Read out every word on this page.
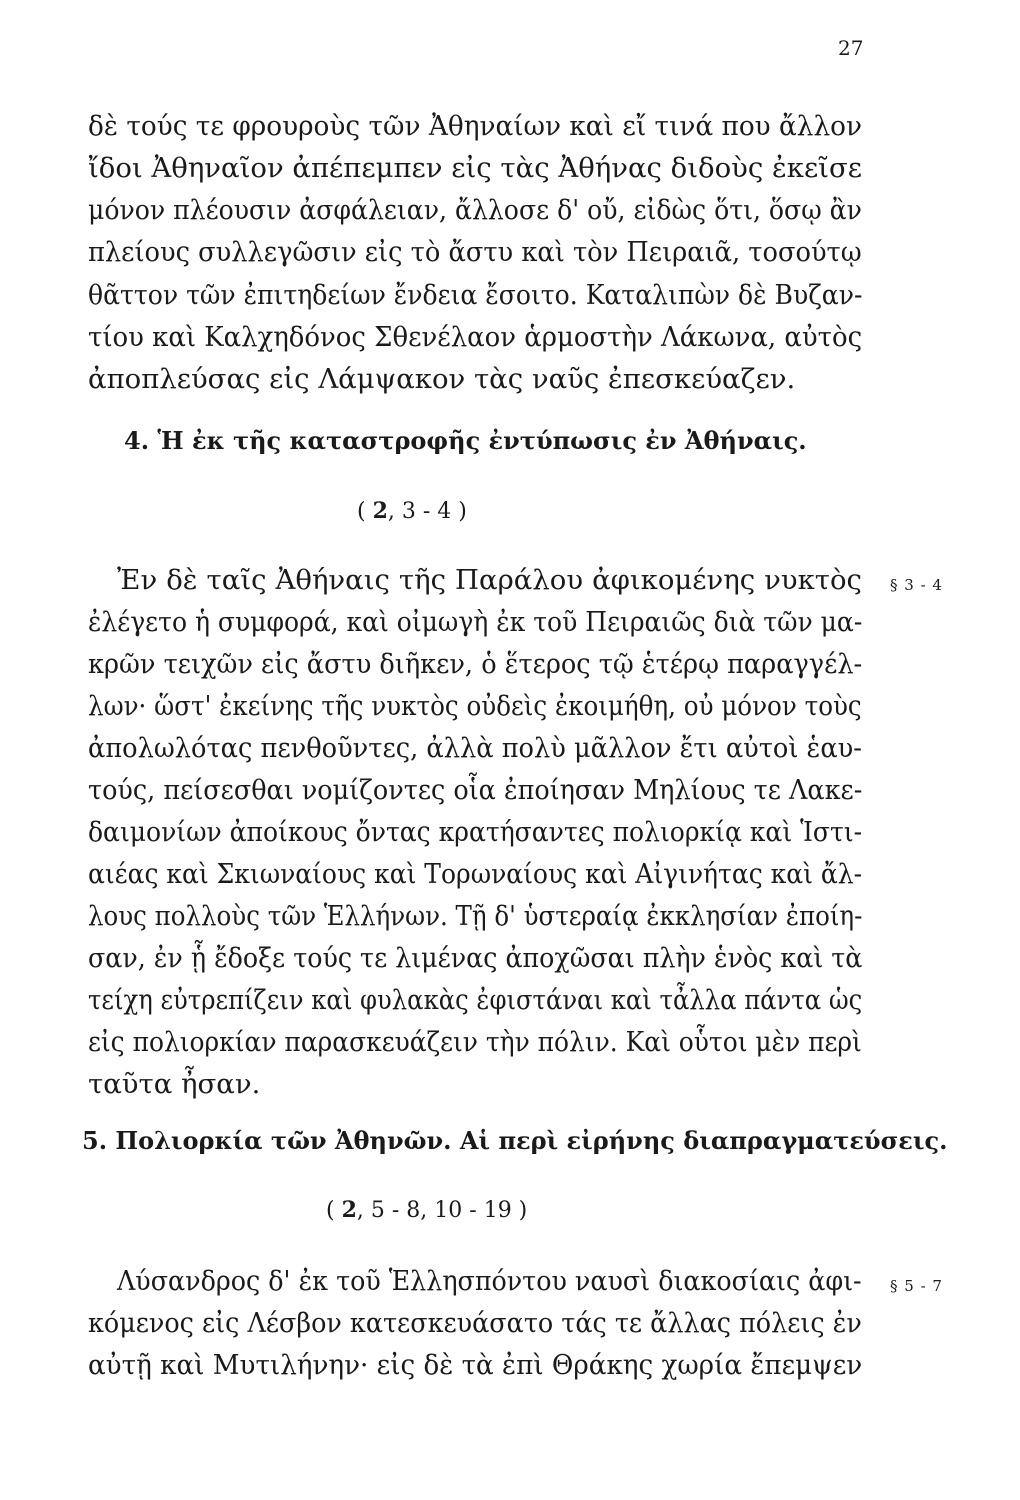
27
δὲ τούς τε φρουροὺς τῶν Ἀθηναίων καὶ εἴ τινά που ἄλλον
ἴδοι Ἀθηναῖον ἀπέπεμπεν εἰς τὰς Ἀθήνας διδοὺς ἐκεῖσε
μόνον πλέουσιν ἀσφάλειαν, ἄλλοσε δ' οὔ, εἰδὼς ὅτι, ὅσῳ ἂν
πλείους συλλεγῶσιν εἰς τὸ ἄστυ καὶ τὸν Πειραιᾶ, τοσούτῳ
θᾶττον τῶν ἐπιτηδείων ἔνδεια ἔσοιτο. Καταλιπὼν δὲ Βυζαν-
τίου καὶ Καλχηδόνος Σθενέλαον ἁρμοστὴν Λάκωνα, αὐτὸς
ἀποπλεύσας εἰς Λάμψακον τὰς ναῦς ἐπεσκεύαζεν.
4. Ἡ ἐκ τῆς καταστροφῆς ἐντύπωσις ἐν Ἀθήναις.
( 2, 3 - 4 )
Ἐν δὲ ταῖς Ἀθήναις τῆς Παράλου ἀφικομένης νυκτὸς § 3 - 4
ἐλέγετο ἡ συμφορά, καὶ οἰμωγὴ ἐκ τοῦ Πειραιῶς διὰ τῶν μα-
κρῶν τειχῶν εἰς ἄστυ διῆκεν, ὁ ἕτερος τῷ ἑτέρῳ παραγγέλ-
λων· ὥστ' ἐκείνης τῆς νυκτὸς οὐδεὶς ἐκοιμήθη, οὐ μόνον τοὺς
ἀπολωλότας πενθοῦντες, ἀλλὰ πολὺ μᾶλλον ἔτι αὐτοὶ ἑαυ-
τούς, πείσεσθαι νομίζοντες οἷα ἐποίησαν Μηλίους τε Λακε-
δαιμονίων ἀποίκους ὄντας κρατήσαντες πολιορκίᾳ καὶ Ἱστι-
αιέας καὶ Σκιωναίους καὶ Τορωναίους καὶ Αἰγινήτας καὶ ἄλ-
λους πολλοὺς τῶν Ἑλλήνων. Τῇ δ' ὑστεραίᾳ ἐκκλησίαν ἐποίη-
σαν, ἐν ᾗ ἔδοξε τούς τε λιμένας ἀποχῶσαι πλὴν ἑνὸς καὶ τὰ
τείχη εὐτρεπίζειν καὶ φυλακὰς ἐφιστάναι καὶ τἆλλα πάντα ὡς
εἰς πολιορκίαν παρασκευάζειν τὴν πόλιν. Καὶ οὗτοι μὲν περὶ
ταῦτα ἦσαν.
5. Πολιορκία τῶν Ἀθηνῶν. Αἱ περὶ εἰρήνης διαπραγματεύσεις.
( 2, 5 - 8, 10 - 19 )
Λύσανδρος δ' ἐκ τοῦ Ἑλλησπόντου ναυσὶ διακοσίαις ἀφι- § 5 - 7
κόμενος εἰς Λέσβον κατεσκευάσατο τάς τε ἄλλας πόλεις ἐν
αὐτῇ καὶ Μυτιλήνην· εἰς δὲ τὰ ἐπὶ Θράκης χωρία ἔπεμψεν
